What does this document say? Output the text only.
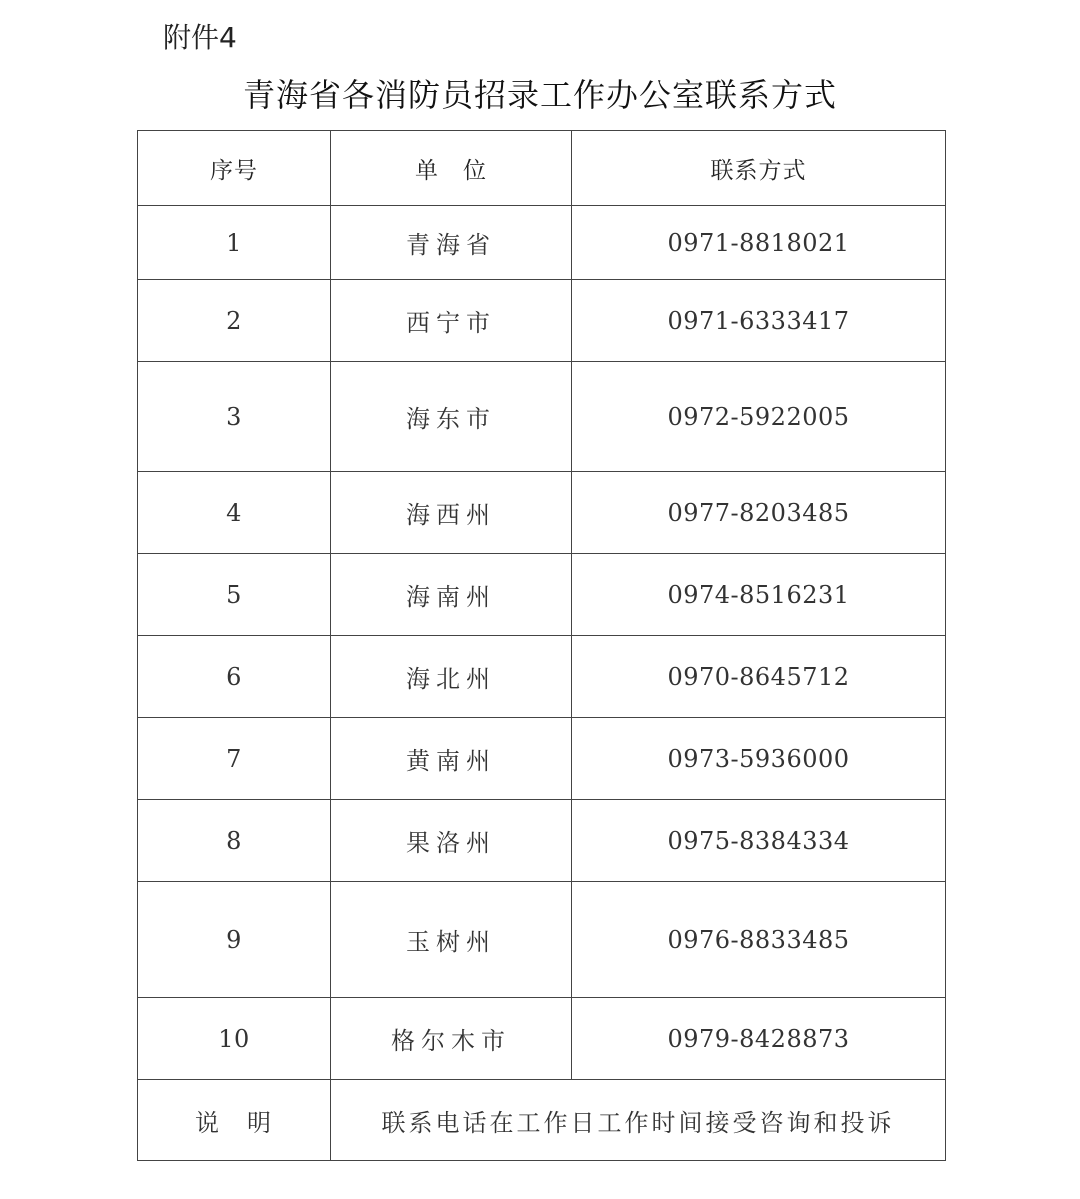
附件4
青海省各消防员招录工作办公室联系方式
序号	单　位	联系方式
1	青海省	0971-8818021
2	西宁市	0971-6333417
3	海东市	0972-5922005
4	海西州	0977-8203485
5	海南州	0974-8516231
6	海北州	0970-8645712
7	黄南州	0973-5936000
8	果洛州	0975-8384334
9	玉树州	0976-8833485
10	格尔木市	0979-8428873
说　明	联系电话在工作日工作时间接受咨询和投诉	
